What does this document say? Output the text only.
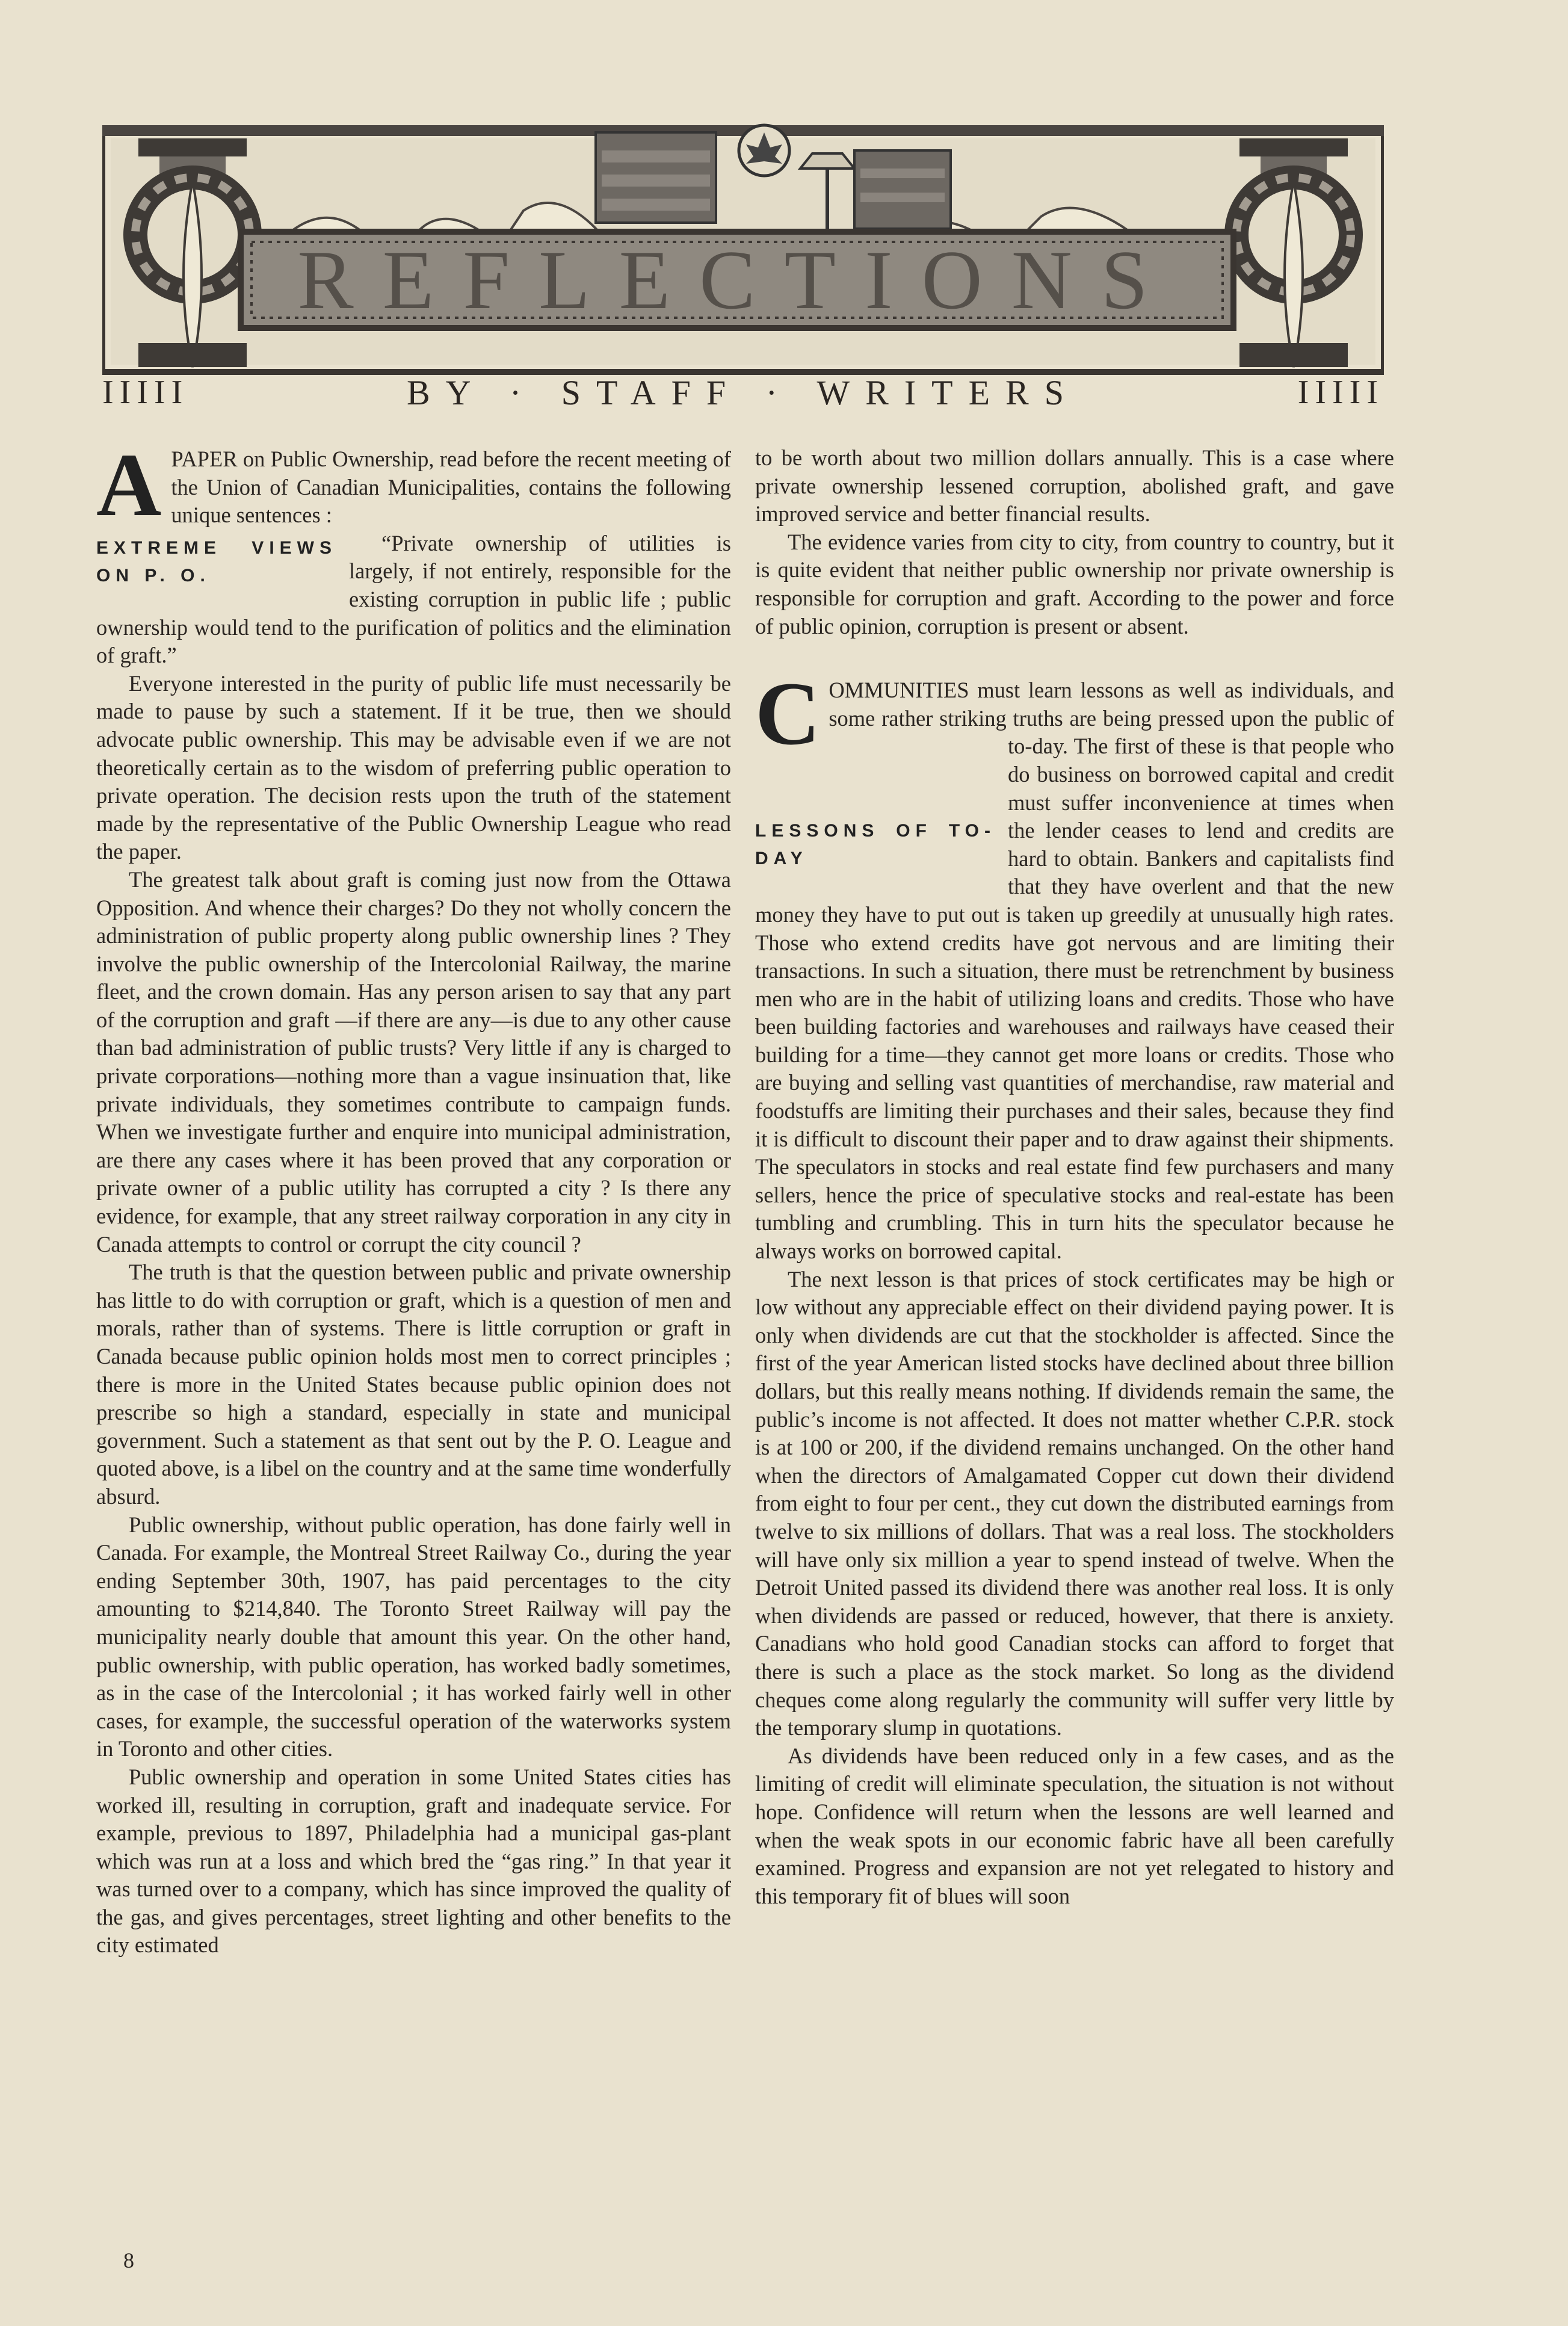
REFLECTIONS
IIIII	BY · STAFF · WRITERS	IIIII

APAPER on Public Ownership, read before the recent meeting of the Union of Canadian Municipalities, contains the following unique sentences :

EXTREME VIEWS ON P. O.
“Private ownership of utilities is largely, if not entirely, responsible for the existing corruption in public life ; public ownership would tend to the purification of politics and the elimination of graft.”

Everyone interested in the purity of public life must necessarily be made to pause by such a statement. If it be true, then we should advocate public ownership. This may be advisable even if we are not theoretically certain as to the wisdom of preferring public operation to private operation. The decision rests upon the truth of the statement made by the representative of the Public Ownership League who read the paper.

The greatest talk about graft is coming just now from the Ottawa Opposition. And whence their charges? Do they not wholly concern the administration of public property along public ownership lines ? They involve the public ownership of the Intercolonial Railway, the marine fleet, and the crown domain. Has any person arisen to say that any part of the corruption and graft —if there are any—is due to any other cause than bad administration of public trusts? Very little if any is charged to private corporations—nothing more than a vague insinuation that, like private individuals, they sometimes contribute to campaign funds. When we investigate further and enquire into municipal administration, are there any cases where it has been proved that any corporation or private owner of a public utility has corrupted a city ? Is there any evidence, for example, that any street railway corporation in any city in Canada attempts to control or corrupt the city council ?

The truth is that the question between public and private ownership has little to do with corruption or graft, which is a question of men and morals, rather than of systems. There is little corruption or graft in Canada because public opinion holds most men to correct principles ; there is more in the United States because public opinion does not prescribe so high a standard, especially in state and municipal government. Such a statement as that sent out by the P. O. League and quoted above, is a libel on the country and at the same time wonderfully absurd.

Public ownership, without public operation, has done fairly well in Canada. For example, the Montreal Street Railway Co., during the year ending September 30th, 1907, has paid percentages to the city amounting to $214,840. The Toronto Street Railway will pay the municipality nearly double that amount this year. On the other hand, public ownership, with public operation, has worked badly sometimes, as in the case of the Intercolonial ; it has worked fairly well in other cases, for example, the successful operation of the waterworks system in Toronto and other cities.

Public ownership and operation in some United States cities has worked ill, resulting in corruption, graft and inadequate service. For example, previous to 1897, Philadelphia had a municipal gas-plant which was run at a loss and which bred the “gas ring.” In that year it was turned over to a company, which has since improved the quality of the gas, and gives percentages, street lighting and other benefits to the city estimated

to be worth about two million dollars annually. This is a case where private ownership lessened corruption, abolished graft, and gave improved service and better financial results.

The evidence varies from city to city, from country to country, but it is quite evident that neither public ownership nor private ownership is responsible for corruption and graft. According to the power and force of public opinion, corruption is present or absent.

C
LESSONS OF TO-DAY
OMMUNITIES must learn lessons as well as individuals, and some rather striking truths are being pressed upon the public of to-day. The first of these is that people who do business on borrowed capital and credit must suffer inconvenience at times when the lender ceases to lend and credits are hard to obtain. Bankers and capitalists find that they have overlent and that the new money they have to put out is taken up greedily at unusually high rates. Those who extend credits have got nervous and are limiting their transactions. In such a situation, there must be retrenchment by business men who are in the habit of utilizing loans and credits. Those who have been building factories and warehouses and railways have ceased their building for a time—they cannot get more loans or credits. Those who are buying and selling vast quantities of merchandise, raw material and foodstuffs are limiting their purchases and their sales, because they find it is difficult to discount their paper and to draw against their shipments. The speculators in stocks and real estate find few purchasers and many sellers, hence the price of speculative stocks and real-estate has been tumbling and crumbling. This in turn hits the speculator because he always works on borrowed capital.

The next lesson is that prices of stock certificates may be high or low without any appreciable effect on their dividend paying power. It is only when dividends are cut that the stockholder is affected. Since the first of the year American listed stocks have declined about three billion dollars, but this really means nothing. If dividends remain the same, the public’s income is not affected. It does not matter whether C.P.R. stock is at 100 or 200, if the dividend remains unchanged. On the other hand when the directors of Amalgamated Copper cut down their dividend from eight to four per cent., they cut down the distributed earnings from twelve to six millions of dollars. That was a real loss. The stockholders will have only six million a year to spend instead of twelve. When the Detroit United passed its dividend there was another real loss. It is only when dividends are passed or reduced, however, that there is anxiety. Canadians who hold good Canadian stocks can afford to forget that there is such a place as the stock market. So long as the dividend cheques come along regularly the community will suffer very little by the temporary slump in quotations.

As dividends have been reduced only in a few cases, and as the limiting of credit will eliminate speculation, the situation is not without hope. Confidence will return when the lessons are well learned and when the weak spots in our economic fabric have all been carefully examined. Progress and expansion are not yet relegated to history and this temporary fit of blues will soon

8
